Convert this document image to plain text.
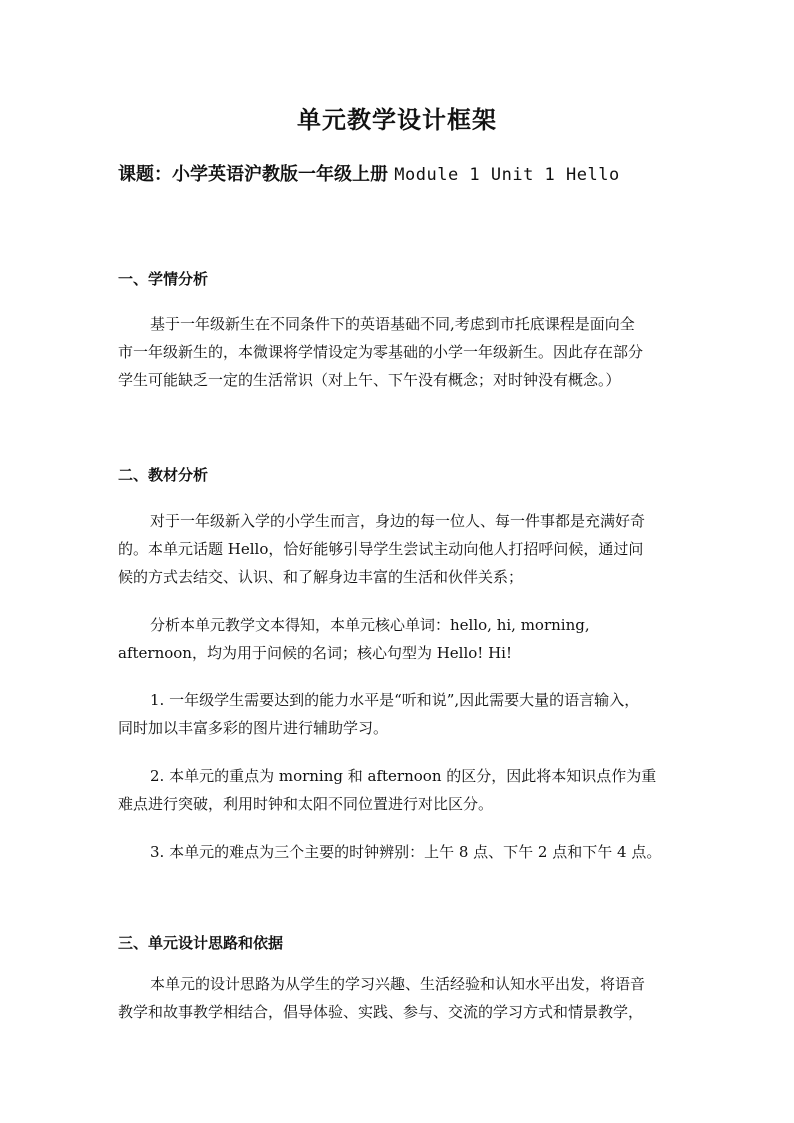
单元教学设计框架
课题：小学英语沪教版一年级上册 Module 1 Unit 1 Hello
一、学情分析
基于一年级新生在不同条件下的英语基础不同,考虑到市托底课程是面向全
市一年级新生的，本微课将学情设定为零基础的小学一年级新生。因此存在部分
学生可能缺乏一定的生活常识（对上午、下午没有概念；对时钟没有概念。）
二、教材分析
对于一年级新入学的小学生而言，身边的每一位人、每一件事都是充满好奇
的。本单元话题 Hello，恰好能够引导学生尝试主动向他人打招呼问候，通过问
候的方式去结交、认识、和了解身边丰富的生活和伙伴关系；
分析本单元教学文本得知，本单元核心单词：hello, hi, morning,
afternoon，均为用于问候的名词；核心句型为 Hello! Hi!
1. 一年级学生需要达到的能力水平是“听和说”,因此需要大量的语言输入，
同时加以丰富多彩的图片进行辅助学习。
2. 本单元的重点为 morning 和 afternoon 的区分，因此将本知识点作为重
难点进行突破，利用时钟和太阳不同位置进行对比区分。
3. 本单元的难点为三个主要的时钟辨别：上午 8 点、下午 2 点和下午 4 点。
三、单元设计思路和依据
本单元的设计思路为从学生的学习兴趣、生活经验和认知水平出发，将语音
教学和故事教学相结合，倡导体验、实践、参与、交流的学习方式和情景教学，
